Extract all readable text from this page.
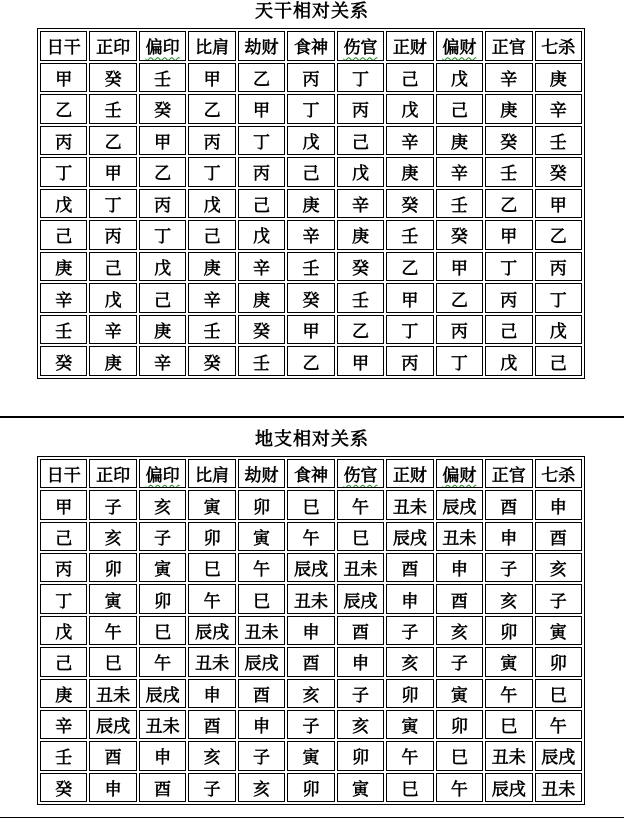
天干相对关系
日干	正印	偏印	比肩	劫财	食神	伤官	正财	偏财	正官	七杀
甲	癸	壬	甲	乙	丙	丁	己	戊	辛	庚
乙	壬	癸	乙	甲	丁	丙	戊	己	庚	辛
丙	乙	甲	丙	丁	戊	己	辛	庚	癸	壬
丁	甲	乙	丁	丙	己	戊	庚	辛	壬	癸
戊	丁	丙	戊	己	庚	辛	癸	壬	乙	甲
己	丙	丁	己	戊	辛	庚	壬	癸	甲	乙
庚	己	戊	庚	辛	壬	癸	乙	甲	丁	丙
辛	戊	己	辛	庚	癸	壬	甲	乙	丙	丁
壬	辛	庚	壬	癸	甲	乙	丁	丙	己	戊
癸	庚	辛	癸	壬	乙	甲	丙	丁	戊	己
地支相对关系
日干	正印	偏印	比肩	劫财	食神	伤官	正财	偏财	正官	七杀
甲	子	亥	寅	卯	巳	午	丑未	辰戌	酉	申
己	亥	子	卯	寅	午	巳	辰戌	丑未	申	酉
丙	卯	寅	巳	午	辰戌	丑未	酉	申	子	亥
丁	寅	卯	午	巳	丑未	辰戌	申	酉	亥	子
戊	午	巳	辰戌	丑未	申	酉	子	亥	卯	寅
己	巳	午	丑未	辰戌	酉	申	亥	子	寅	卯
庚	丑未	辰戌	申	酉	亥	子	卯	寅	午	巳
辛	辰戌	丑未	酉	申	子	亥	寅	卯	巳	午
壬	酉	申	亥	子	寅	卯	午	巳	丑未	辰戌
癸	申	酉	子	亥	卯	寅	巳	午	辰戌	丑未
